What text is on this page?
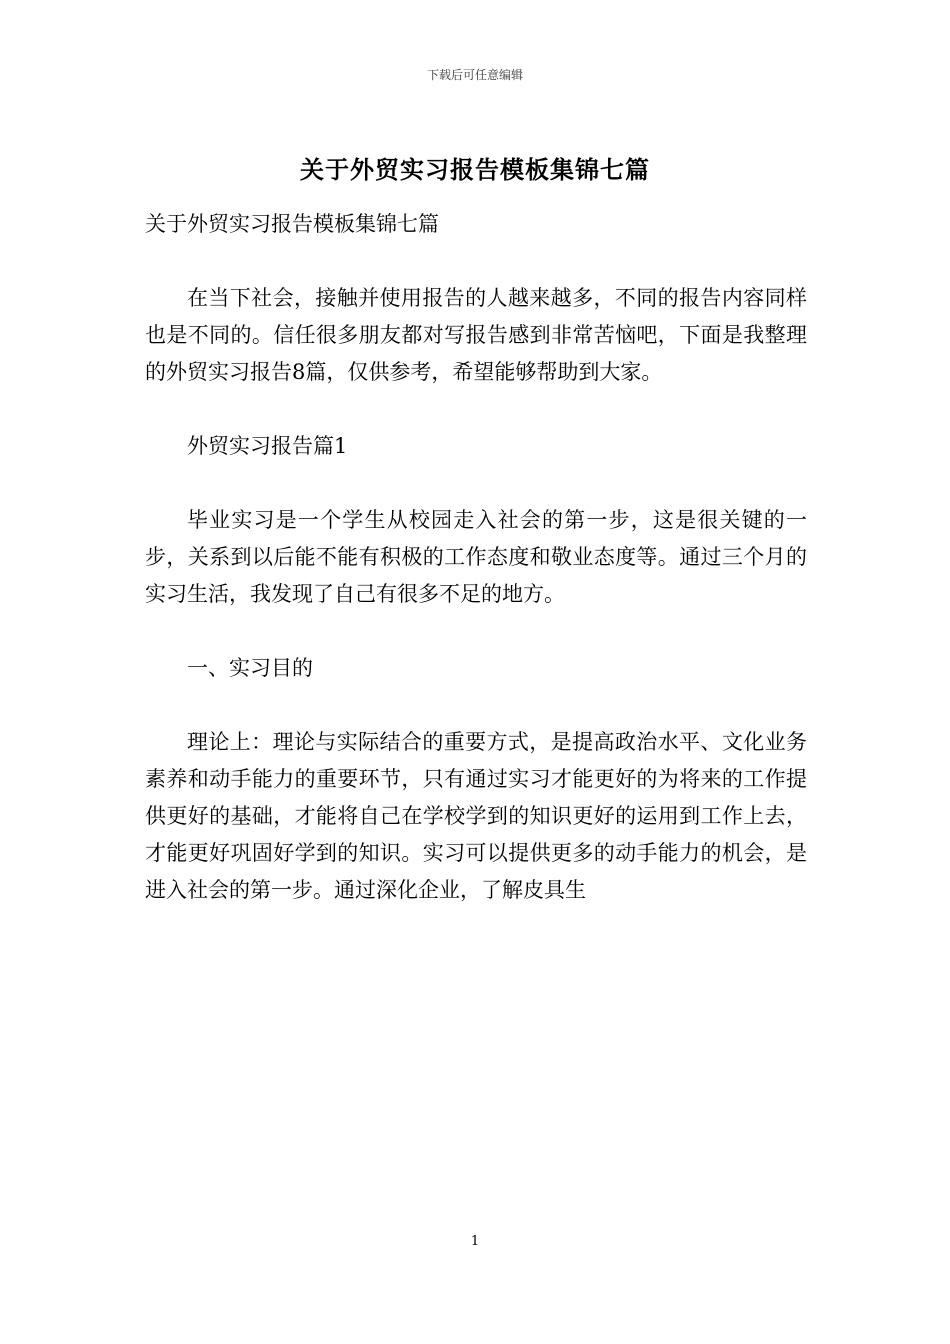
下载后可任意编辑
关于外贸实习报告模板集锦七篇

关于外贸实习报告模板集锦七篇

在当下社会，接触并使用报告的人越来越多，不同的报告内容同样也是不同的。信任很多朋友都对写报告感到非常苦恼吧，下面是我整理的外贸实习报告8篇，仅供参考，希望能够帮助到大家。

外贸实习报告篇1

毕业实习是一个学生从校园走入社会的第一步，这是很关键的一步，关系到以后能不能有积极的工作态度和敬业态度等。通过三个月的实习生活，我发现了自己有很多不足的地方。

一、实习目的

理论上：理论与实际结合的重要方式，是提高政治水平、文化业务素养和动手能力的重要环节，只有通过实习才能更好的为将来的工作提供更好的基础，才能将自己在学校学到的知识更好的运用到工作上去，才能更好巩固好学到的知识。实习可以提供更多的动手能力的机会，是进入社会的第一步。通过深化企业，了解皮具生

1
